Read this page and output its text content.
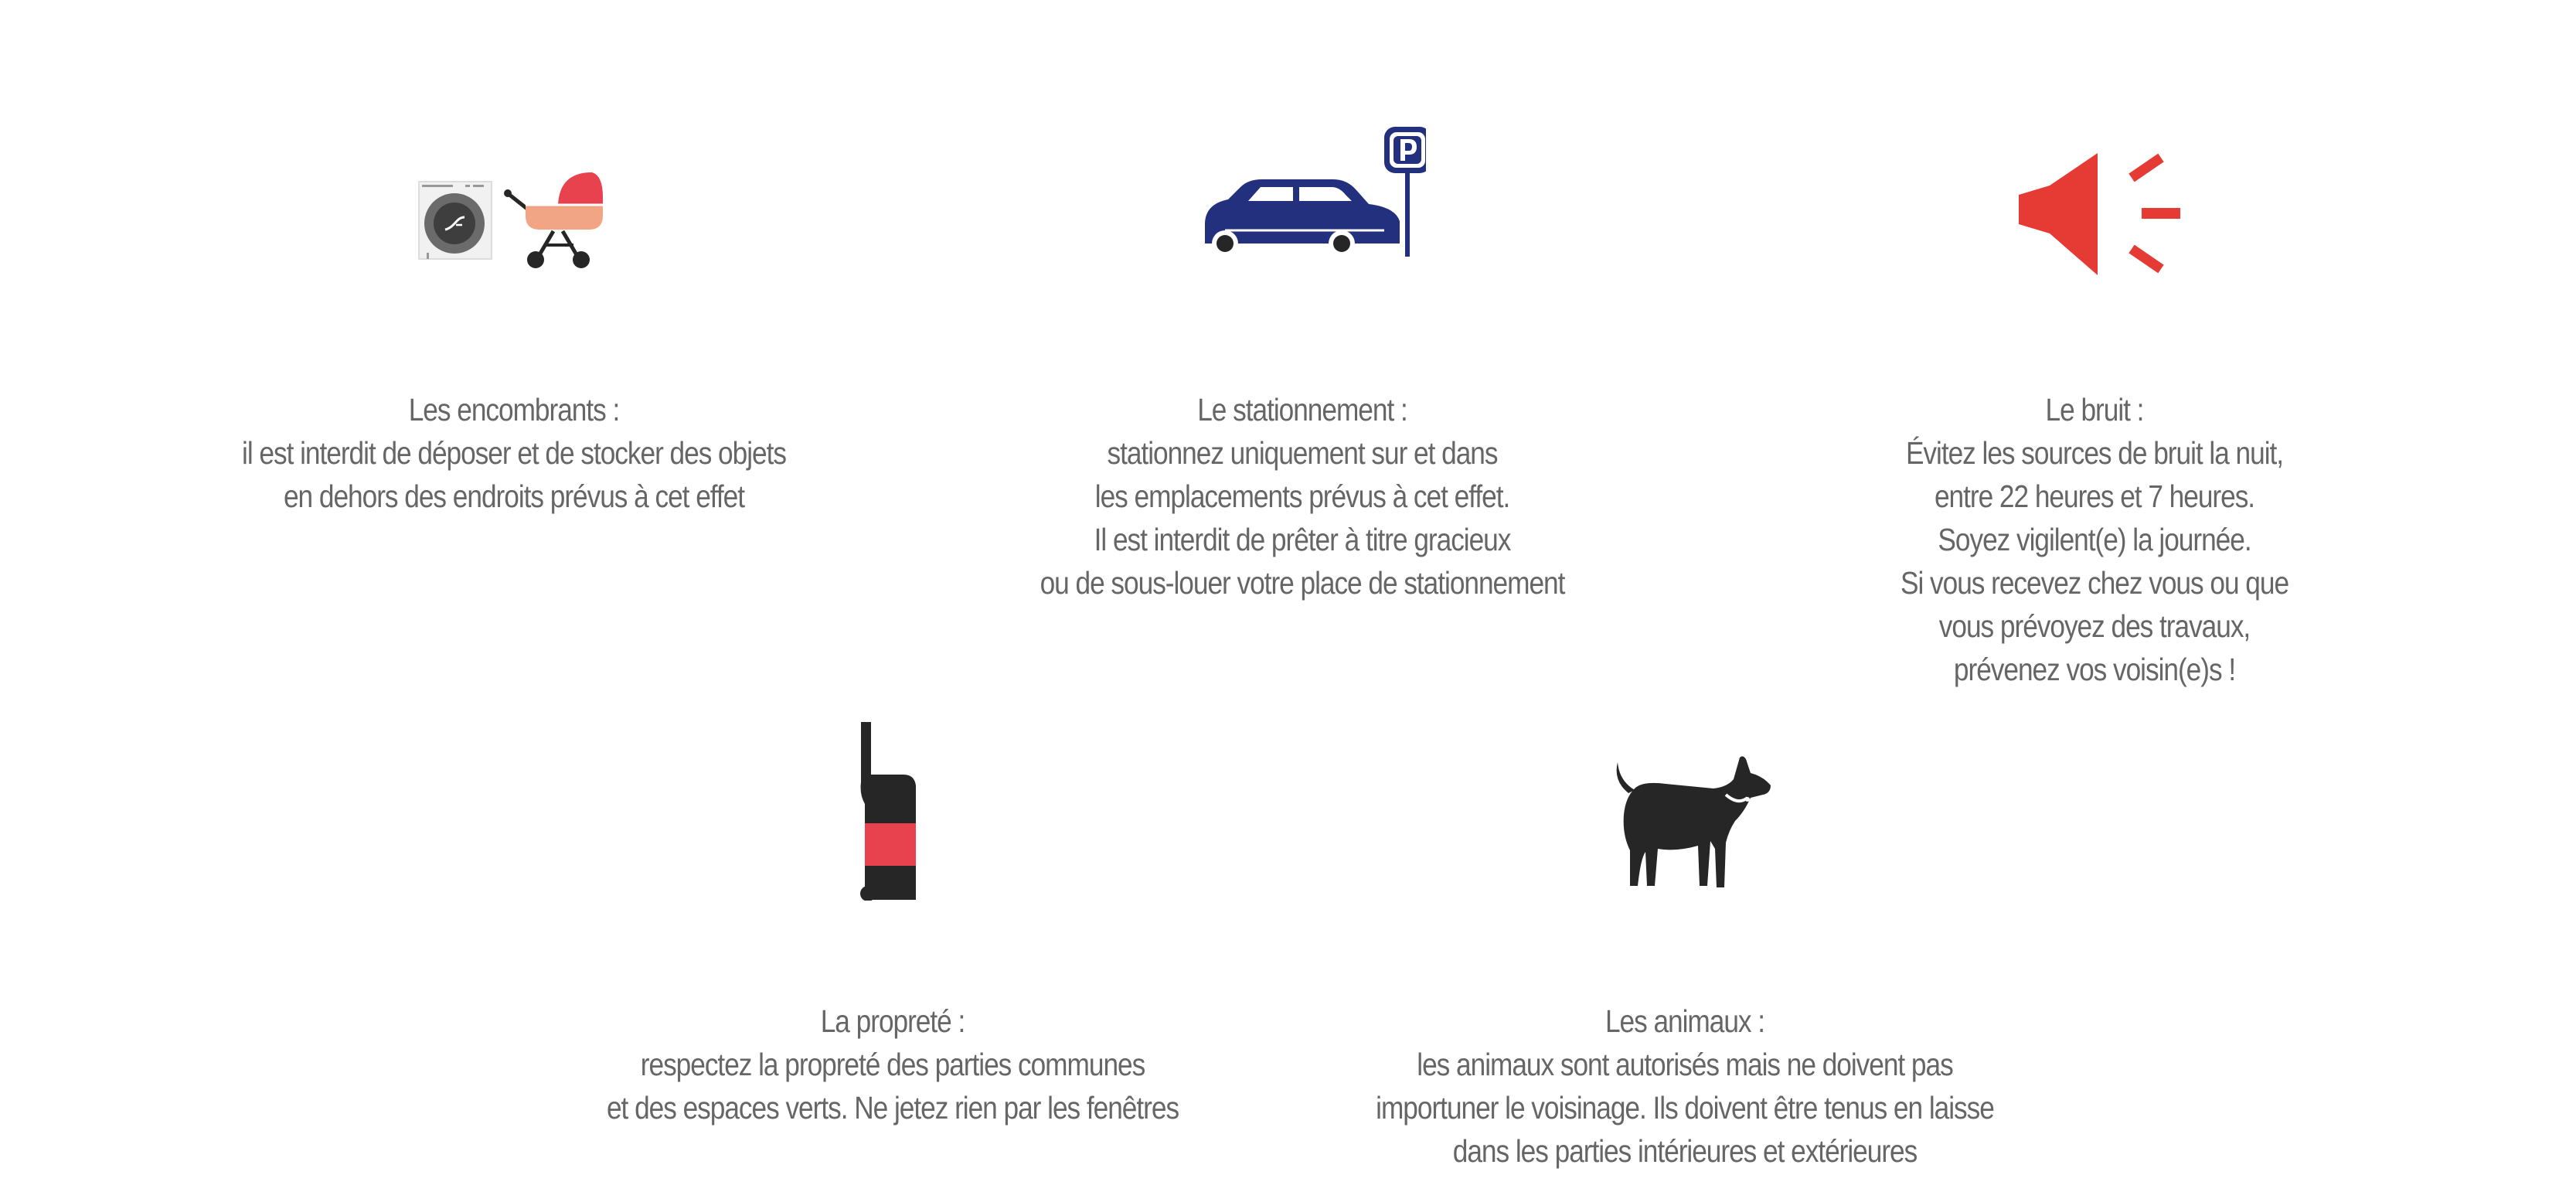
Les encombrants :
il est interdit de déposer et de stocker des objets
en dehors des endroits prévus à cet effet
Le stationnement :
stationnez uniquement sur et dans
les emplacements prévus à cet effet.
Il est interdit de prêter à titre gracieux
ou de sous-louer votre place de stationnement
Le bruit :
Évitez les sources de bruit la nuit,
entre 22 heures et 7 heures.
Soyez vigilent(e) la journée.
Si vous recevez chez vous ou que
vous prévoyez des travaux,
prévenez vos voisin(e)s !
La propreté :
respectez la propreté des parties communes
et des espaces verts. Ne jetez rien par les fenêtres
Les animaux :
les animaux sont autorisés mais ne doivent pas
importuner le voisinage. Ils doivent être tenus en laisse
dans les parties intérieures et extérieures
